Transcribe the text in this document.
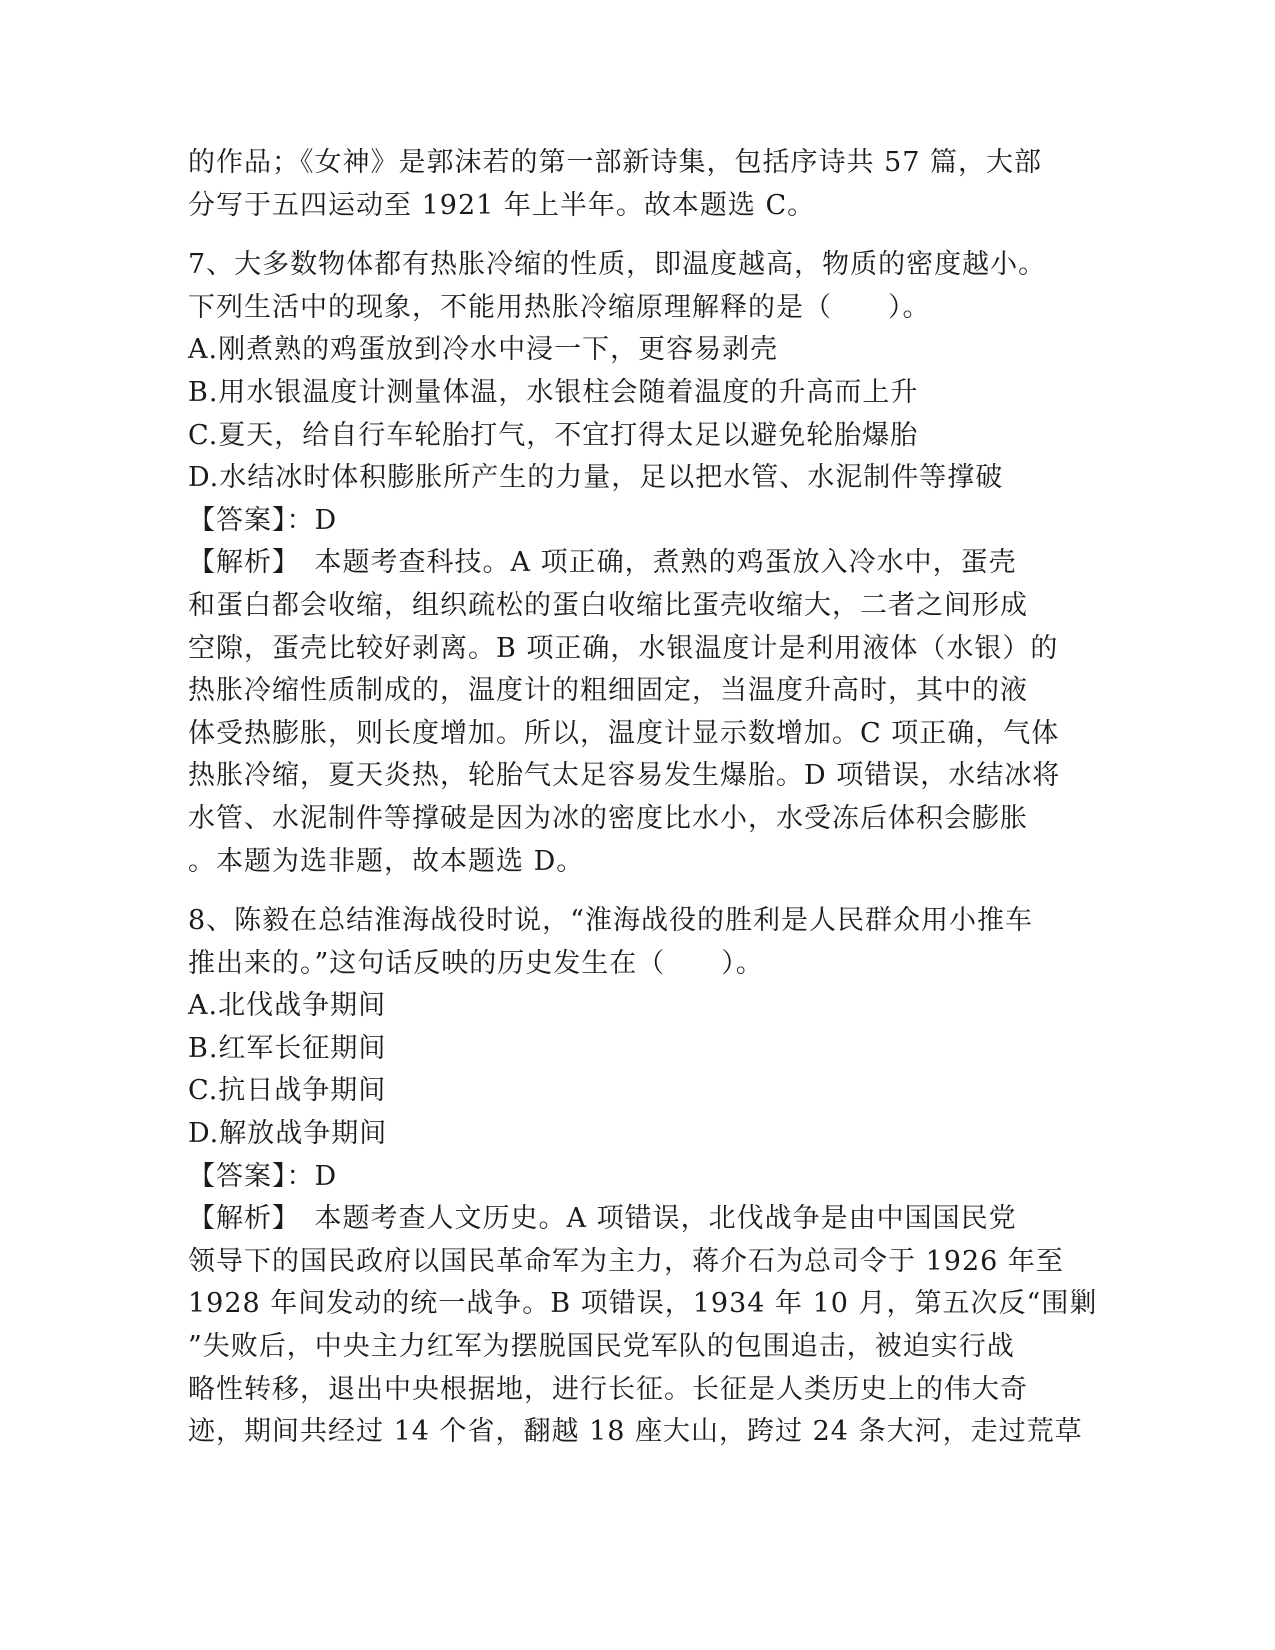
的作品；《女神》是郭沫若的第一部新诗集，包括序诗共 57 篇，大部
分写于五四运动至 1921 年上半年。故本题选 C。
7、大多数物体都有热胀冷缩的性质，即温度越高，物质的密度越小。
下列生活中的现象，不能用热胀冷缩原理解释的是（　　）。
A.刚煮熟的鸡蛋放到冷水中浸一下，更容易剥壳
B.用水银温度计测量体温，水银柱会随着温度的升高而上升
C.夏天，给自行车轮胎打气，不宜打得太足以避免轮胎爆胎
D.水结冰时体积膨胀所产生的力量，足以把水管、水泥制件等撑破
【答案】：D
【解析】　本题考查科技。A 项正确，煮熟的鸡蛋放入冷水中，蛋壳
和蛋白都会收缩，组织疏松的蛋白收缩比蛋壳收缩大，二者之间形成
空隙，蛋壳比较好剥离。B 项正确，水银温度计是利用液体（水银）的
热胀冷缩性质制成的，温度计的粗细固定，当温度升高时，其中的液
体受热膨胀，则长度增加。所以，温度计显示数增加。C 项正确，气体
热胀冷缩，夏天炎热，轮胎气太足容易发生爆胎。D 项错误，水结冰将
水管、水泥制件等撑破是因为冰的密度比水小，水受冻后体积会膨胀
。本题为选非题，故本题选 D。
8、陈毅在总结淮海战役时说，“淮海战役的胜利是人民群众用小推车
推出来的。”这句话反映的历史发生在（　　）。
A.北伐战争期间
B.红军长征期间
C.抗日战争期间
D.解放战争期间
【答案】：D
【解析】　本题考查人文历史。A 项错误，北伐战争是由中国国民党
领导下的国民政府以国民革命军为主力，蒋介石为总司令于 1926 年至
1928 年间发动的统一战争。B 项错误，1934 年 10 月，第五次反“围剿
”失败后，中央主力红军为摆脱国民党军队的包围追击，被迫实行战
略性转移，退出中央根据地，进行长征。长征是人类历史上的伟大奇
迹，期间共经过 14 个省，翻越 18 座大山，跨过 24 条大河，走过荒草
